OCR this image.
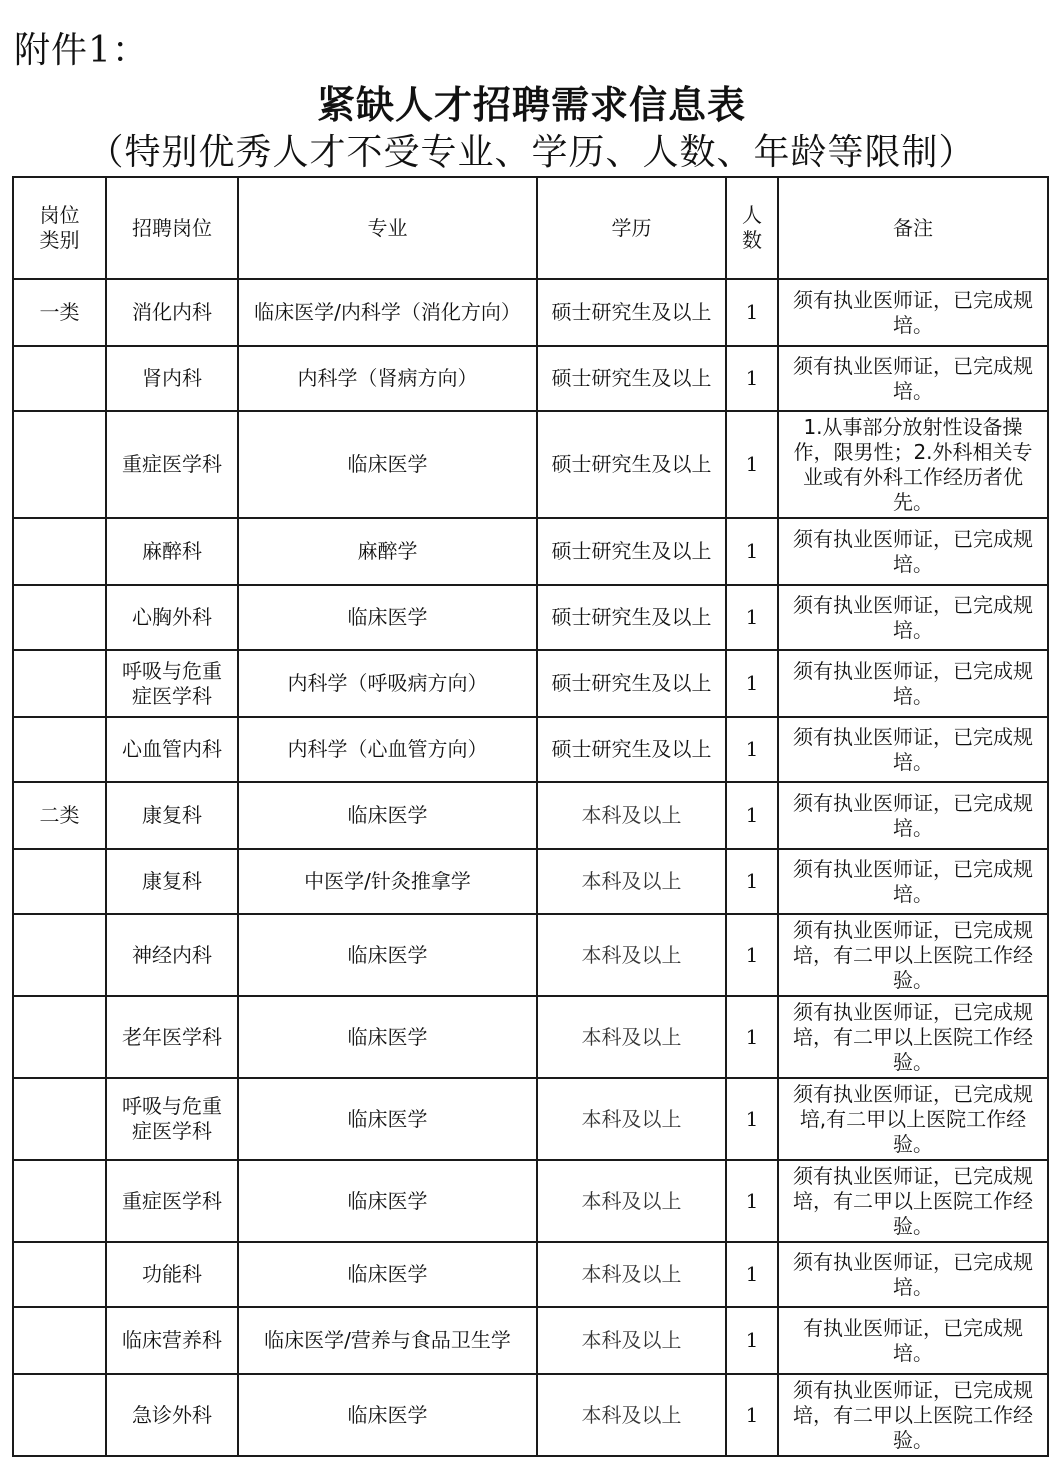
附件1：
紧缺人才招聘需求信息表
（特别优秀人才不受专业、学历、人数、年龄等限制）
岗位类别	招聘岗位	专业	学历	人数	备注
一类	消化内科	临床医学/内科学（消化方向）	硕士研究生及以上	1	须有执业医师证，已完成规培。
	肾内科	内科学（肾病方向）	硕士研究生及以上	1	须有执业医师证，已完成规培。
	重症医学科	临床医学	硕士研究生及以上	1	1.从事部分放射性设备操作，限男性；2.外科相关专业或有外科工作经历者优先。
	麻醉科	麻醉学	硕士研究生及以上	1	须有执业医师证，已完成规培。
	心胸外科	临床医学	硕士研究生及以上	1	须有执业医师证，已完成规培。
	呼吸与危重症医学科	内科学（呼吸病方向）	硕士研究生及以上	1	须有执业医师证，已完成规培。
	心血管内科	内科学（心血管方向）	硕士研究生及以上	1	须有执业医师证，已完成规培。
二类	康复科	临床医学	本科及以上	1	须有执业医师证，已完成规培。
	康复科	中医学/针灸推拿学	本科及以上	1	须有执业医师证，已完成规培。
	神经内科	临床医学	本科及以上	1	须有执业医师证，已完成规培，有二甲以上医院工作经验。
	老年医学科	临床医学	本科及以上	1	须有执业医师证，已完成规培，有二甲以上医院工作经验。
	呼吸与危重症医学科	临床医学	本科及以上	1	须有执业医师证，已完成规培,有二甲以上医院工作经验。
	重症医学科	临床医学	本科及以上	1	须有执业医师证，已完成规培，有二甲以上医院工作经验。
	功能科	临床医学	本科及以上	1	须有执业医师证，已完成规培。
	临床营养科	临床医学/营养与食品卫生学	本科及以上	1	有执业医师证，已完成规培。
	急诊外科	临床医学	本科及以上	1	须有执业医师证，已完成规培，有二甲以上医院工作经验。
